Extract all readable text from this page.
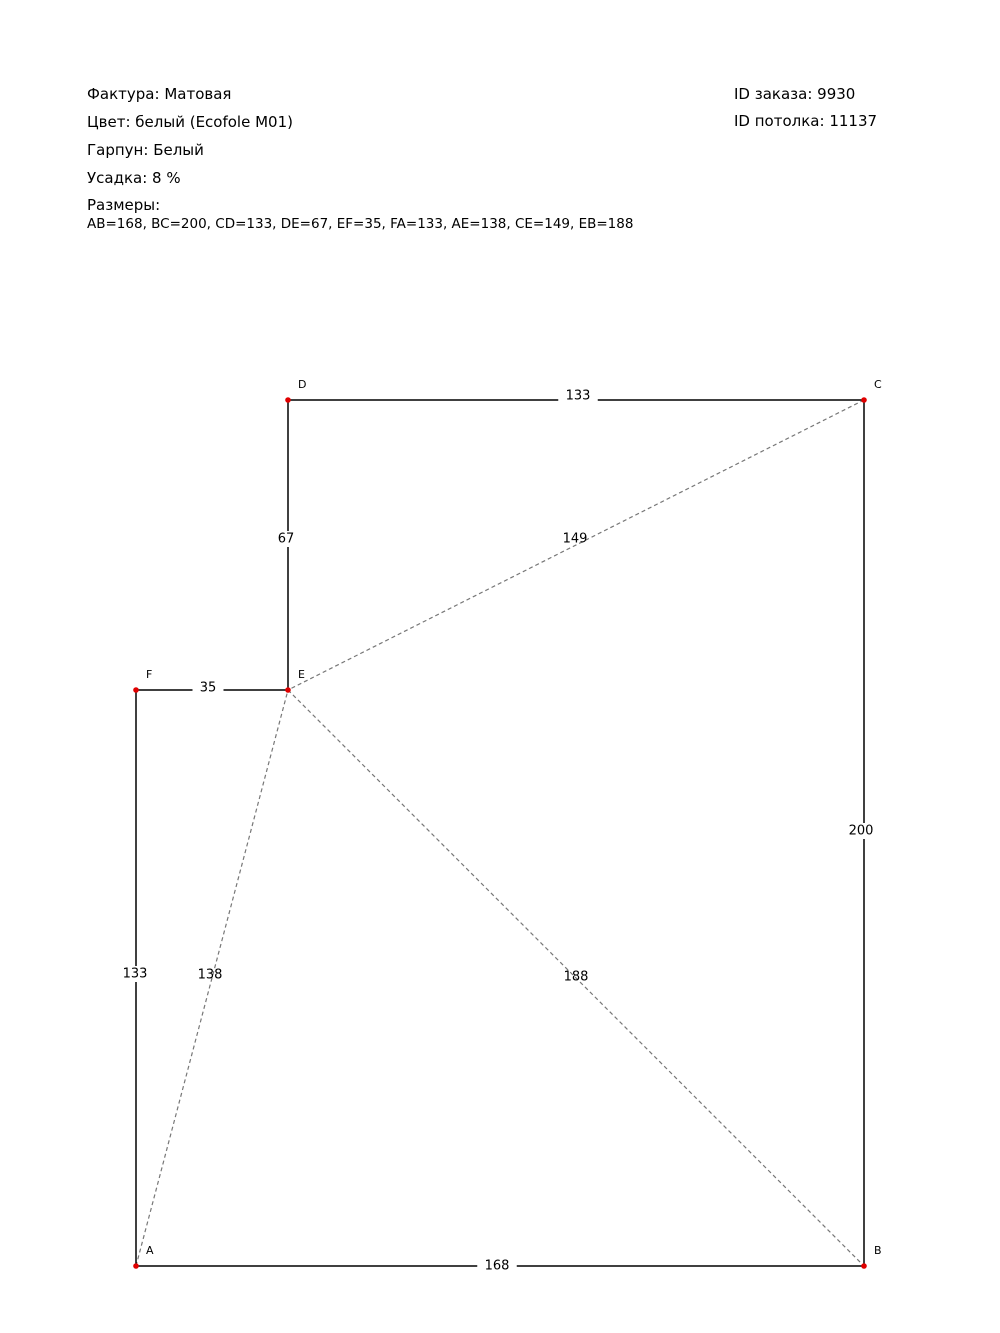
Фактура: Матовая
Цвет: белый (Ecofole M01)
Гарпун: Белый
Усадка: 8 %
Размеры:
AB=168, BC=200, CD=133, DE=67, EF=35, FA=133, AE=138, CE=149, EB=188
ID заказа: 9930
ID потолка: 11137
138
149
188
168
200
133
67
35
133
A	B
C
D
E
F
